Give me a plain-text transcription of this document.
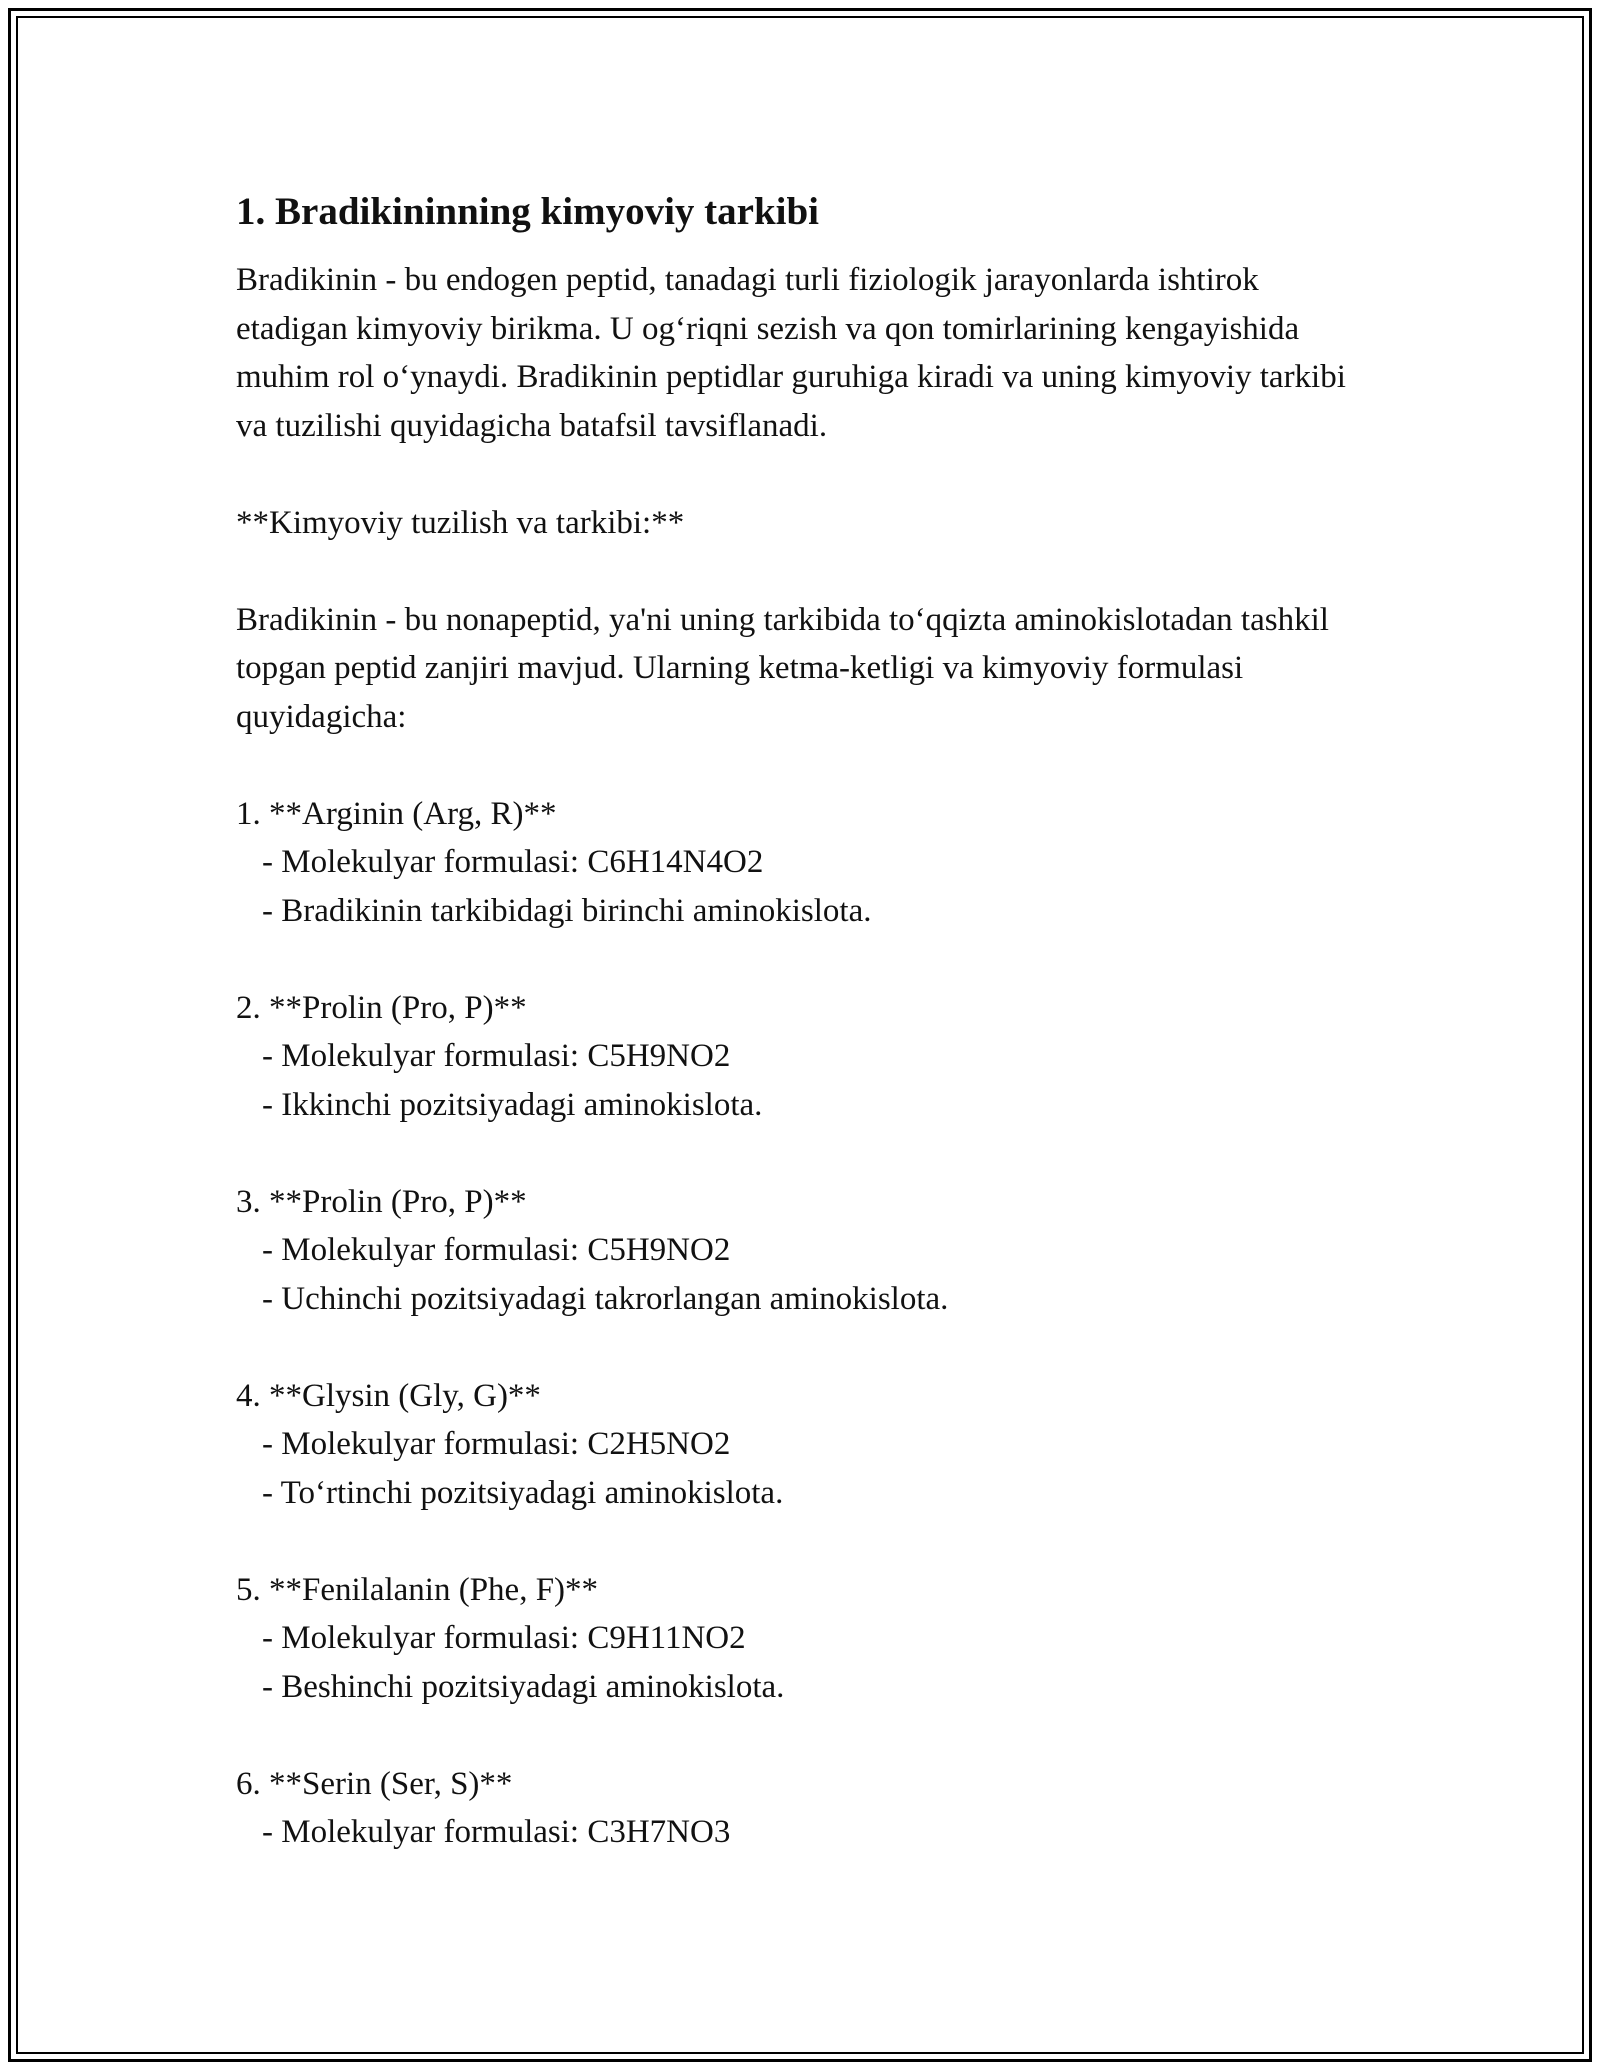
1. Bradikininning kimyoviy tarkibi

Bradikinin - bu endogen peptid, tanadagi turli fiziologik jarayonlarda ishtirok etadigan kimyoviy birikma. U og‘riqni sezish va qon tomirlarining kengayishida muhim rol o‘ynaydi. Bradikinin peptidlar guruhiga kiradi va uning kimyoviy tarkibi va tuzilishi quyidagicha batafsil tavsiflanadi.

**Kimyoviy tuzilish va tarkibi:**

Bradikinin - bu nonapeptid, ya'ni uning tarkibida to‘qqizta aminokislotadan tashkil topgan peptid zanjiri mavjud. Ularning ketma-ketligi va kimyoviy formulasi quyidagicha:

1. **Arginin (Arg, R)**

- Molekulyar formulasi: C6H14N4O2

- Bradikinin tarkibidagi birinchi aminokislota.

2. **Prolin (Pro, P)**

- Molekulyar formulasi: C5H9NO2

- Ikkinchi pozitsiyadagi aminokislota.

3. **Prolin (Pro, P)**

- Molekulyar formulasi: C5H9NO2

- Uchinchi pozitsiyadagi takrorlangan aminokislota.

4. **Glysin (Gly, G)**

- Molekulyar formulasi: C2H5NO2

- To‘rtinchi pozitsiyadagi aminokislota.

5. **Fenilalanin (Phe, F)**

- Molekulyar formulasi: C9H11NO2

- Beshinchi pozitsiyadagi aminokislota.

6. **Serin (Ser, S)**

- Molekulyar formulasi: C3H7NO3
